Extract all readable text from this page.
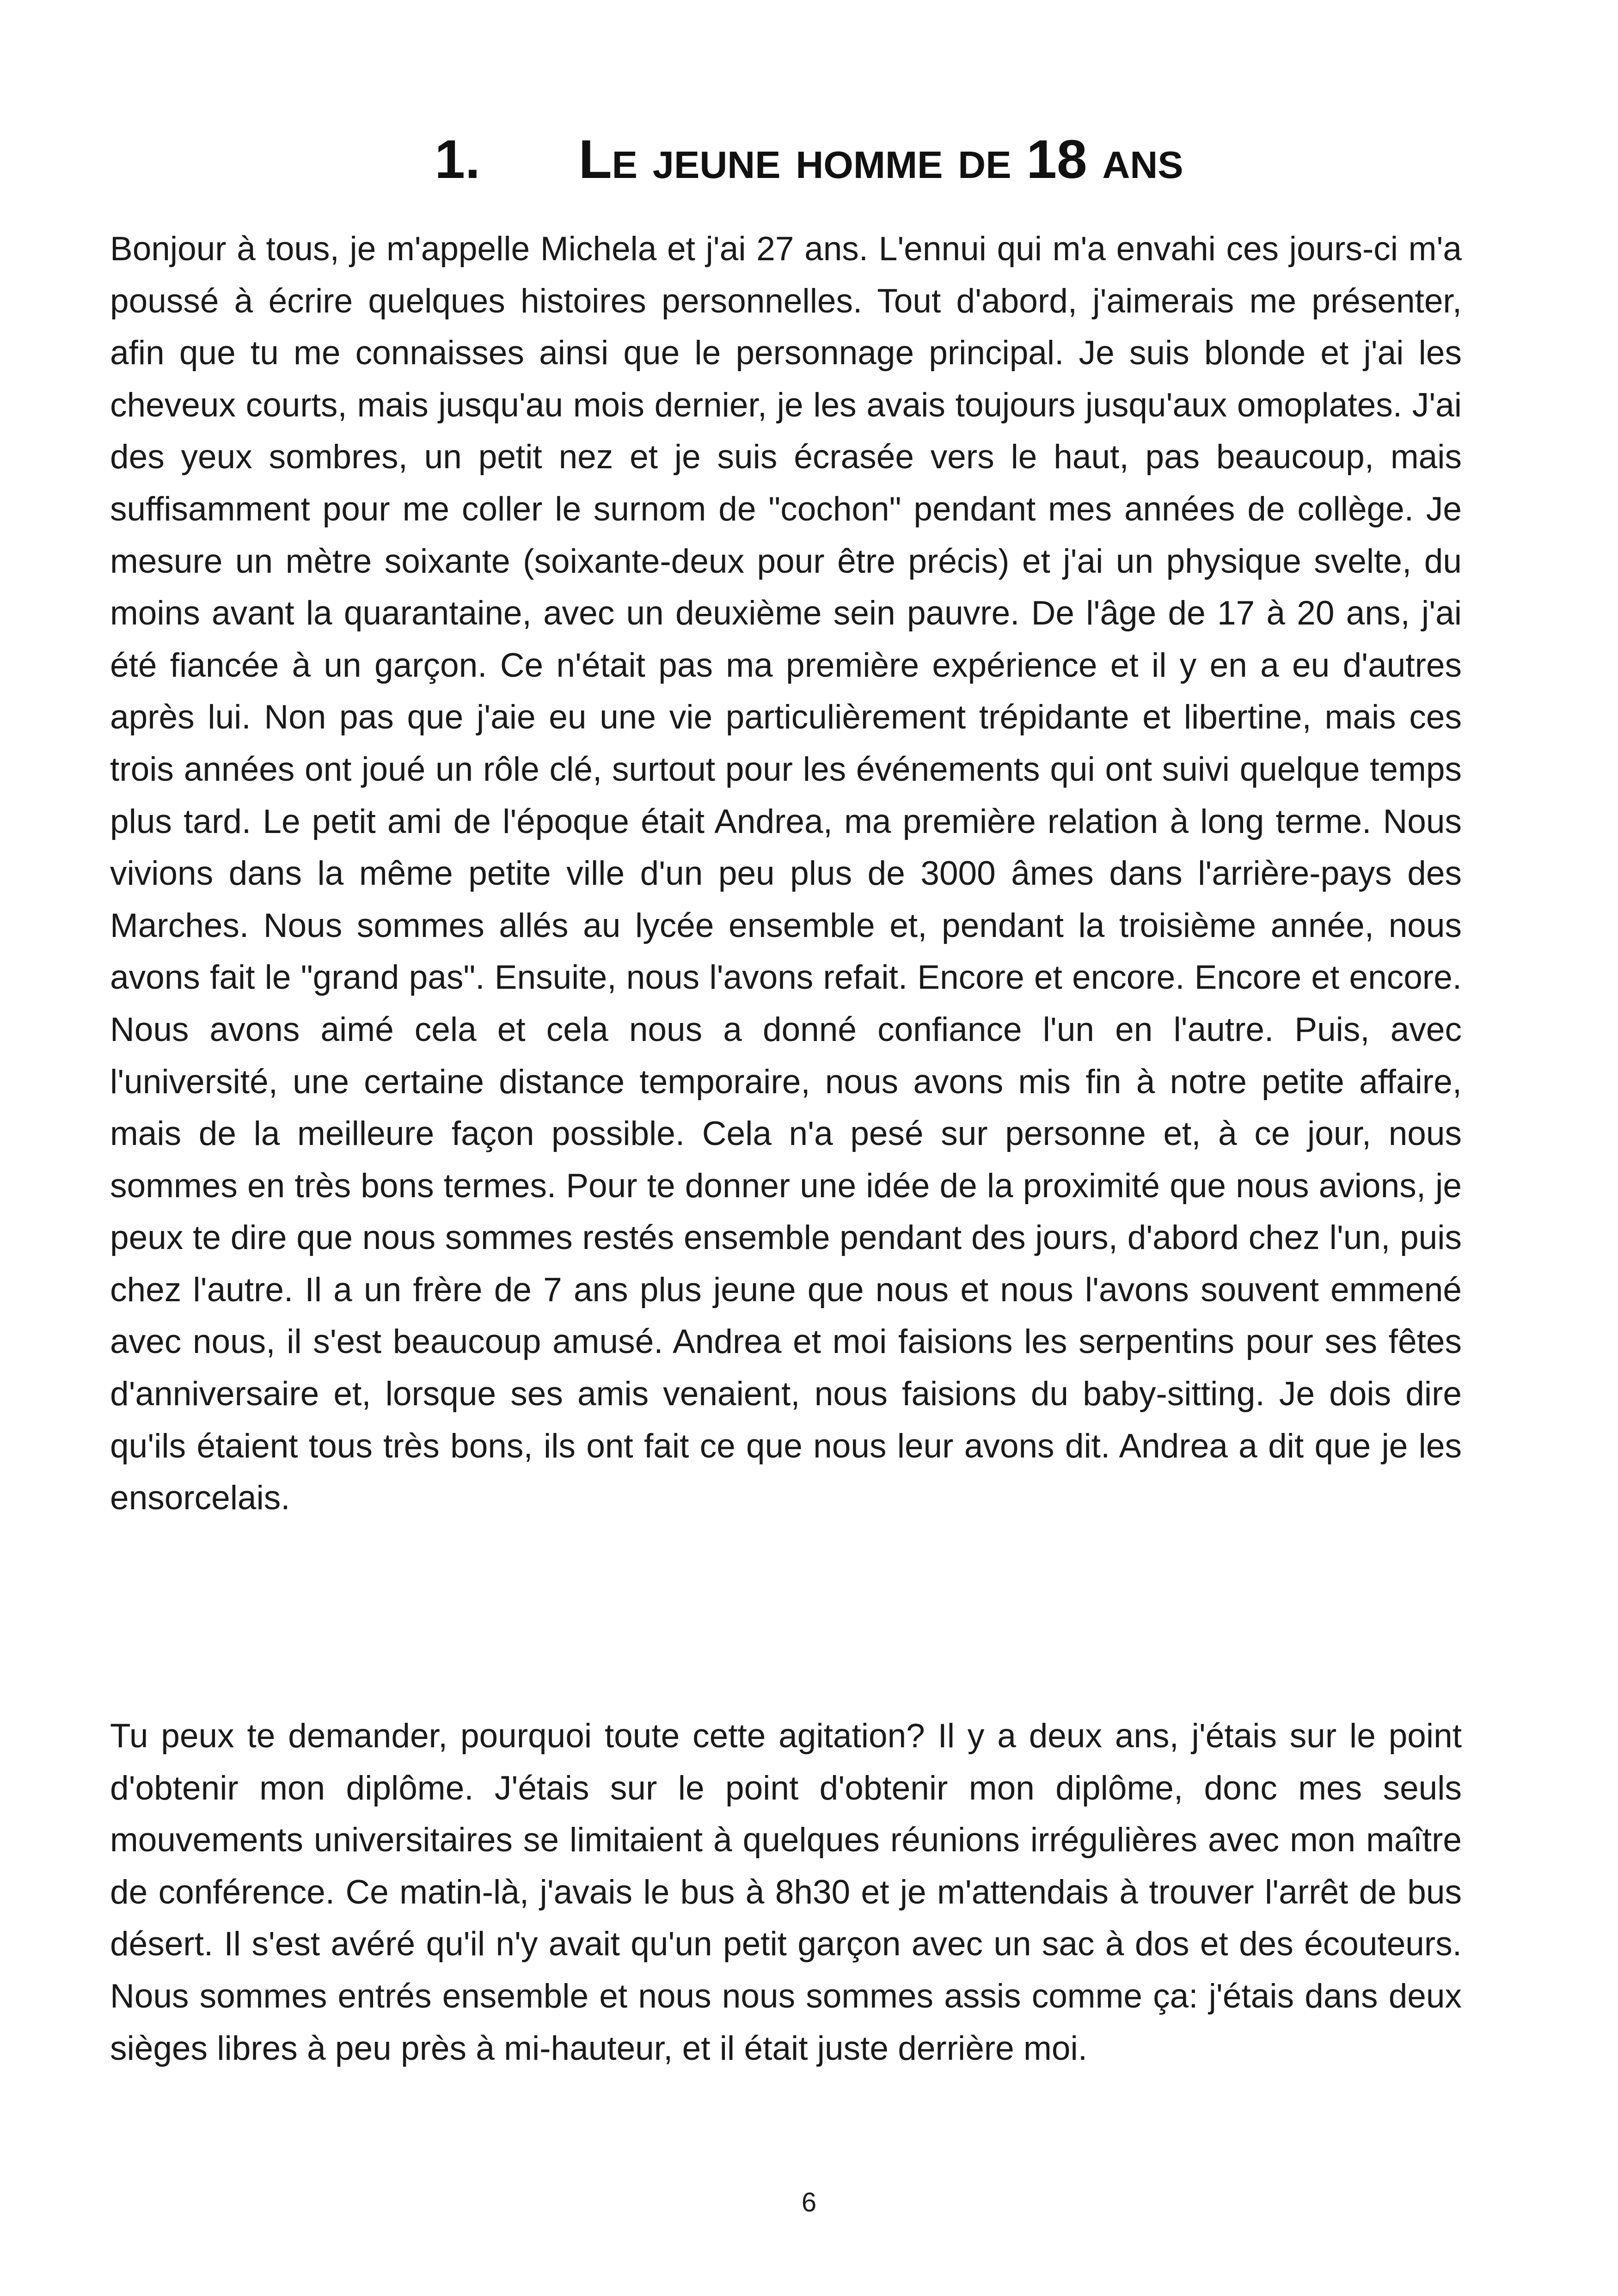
1. Le jeune homme de 18 ans

Bonjour à tous, je m'appelle Michela et j'ai 27 ans. L'ennui qui m'a envahi ces jours-ci m'a poussé à écrire quelques histoires personnelles. Tout d'abord, j'aimerais me présenter, afin que tu me connaisses ainsi que le personnage principal. Je suis blonde et j'ai les cheveux courts, mais jusqu'au mois dernier, je les avais toujours jusqu'aux omoplates. J'ai des yeux sombres, un petit nez et je suis écrasée vers le haut, pas beaucoup, mais suffisamment pour me coller le surnom de "cochon" pendant mes années de collège. Je mesure un mètre soixante (soixante-deux pour être précis) et j'ai un physique svelte, du moins avant la quarantaine, avec un deuxième sein pauvre. De l'âge de 17 à 20 ans, j'ai été fiancée à un garçon. Ce n'était pas ma première expérience et il y en a eu d'autres après lui. Non pas que j'aie eu une vie particulièrement trépidante et libertine, mais ces trois années ont joué un rôle clé, surtout pour les événements qui ont suivi quelque temps plus tard. Le petit ami de l'époque était Andrea, ma première relation à long terme. Nous vivions dans la même petite ville d'un peu plus de 3000 âmes dans l'arrière-pays des Marches. Nous sommes allés au lycée ensemble et, pendant la troisième année, nous avons fait le "grand pas". Ensuite, nous l'avons refait. Encore et encore. Encore et encore. Nous avons aimé cela et cela nous a donné confiance l'un en l'autre. Puis, avec l'université, une certaine distance temporaire, nous avons mis fin à notre petite affaire, mais de la meilleure façon possible. Cela n'a pesé sur personne et, à ce jour, nous sommes en très bons termes. Pour te donner une idée de la proximité que nous avions, je peux te dire que nous sommes restés ensemble pendant des jours, d'abord chez l'un, puis chez l'autre. Il a un frère de 7 ans plus jeune que nous et nous l'avons souvent emmené avec nous, il s'est beaucoup amusé. Andrea et moi faisions les serpentins pour ses fêtes d'anniversaire et, lorsque ses amis venaient, nous faisions du baby-sitting. Je dois dire qu'ils étaient tous très bons, ils ont fait ce que nous leur avons dit. Andrea a dit que je les ensorcelais.

Tu peux te demander, pourquoi toute cette agitation? Il y a deux ans, j'étais sur le point d'obtenir mon diplôme. J'étais sur le point d'obtenir mon diplôme, donc mes seuls mouvements universitaires se limitaient à quelques réunions irrégulières avec mon maître de conférence. Ce matin-là, j'avais le bus à 8h30 et je m'attendais à trouver l'arrêt de bus désert. Il s'est avéré qu'il n'y avait qu'un petit garçon avec un sac à dos et des écouteurs. Nous sommes entrés ensemble et nous nous sommes assis comme ça: j'étais dans deux sièges libres à peu près à mi-hauteur, et il était juste derrière moi.

6
